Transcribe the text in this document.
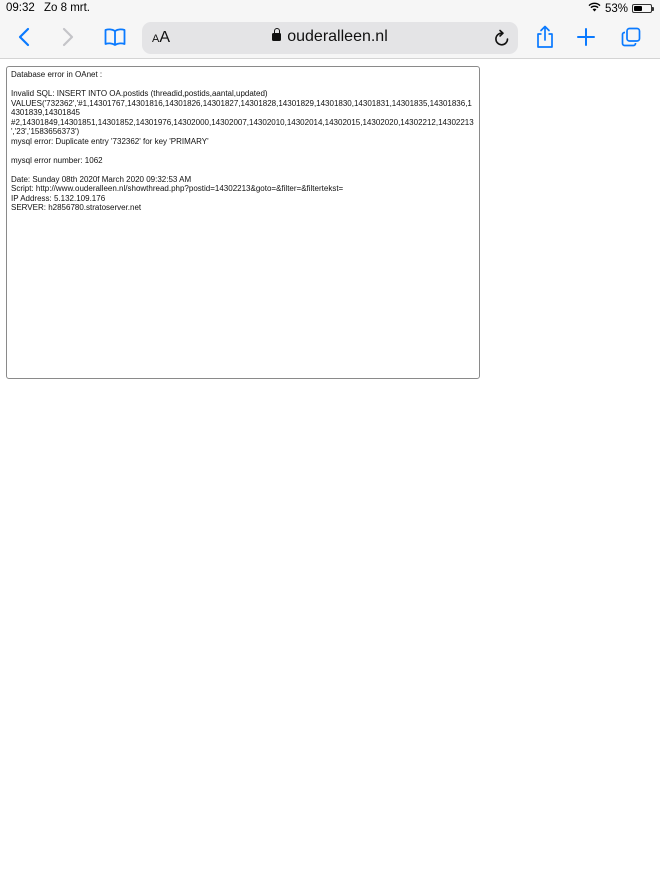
09:32 Zo 8 mrt.	53%
AA	ouderalleen.nl

Database error in OAnet :

Invalid SQL: INSERT INTO OA.postids (threadid,postids,aantal,updated)
VALUES('732362','#1,14301767,14301816,14301826,14301827,14301828,14301829,14301830,14301831,14301835,14301836,14301839,14301845
#2,14301849,14301851,14301852,14301976,14302000,14302007,14302010,14302014,14302015,14302020,14302212,14302213
','23','1583656373')

mysql error: Duplicate entry '732362' for key 'PRIMARY'

mysql error number: 1062

Date: Sunday 08th 2020f March 2020 09:32:53 AM

Script: http://www.ouderalleen.nl/showthread.php?postid=14302213&goto=&filter=&filtertekst=

IP Address: 5.132.109.176

SERVER: h2856780.stratoserver.net
